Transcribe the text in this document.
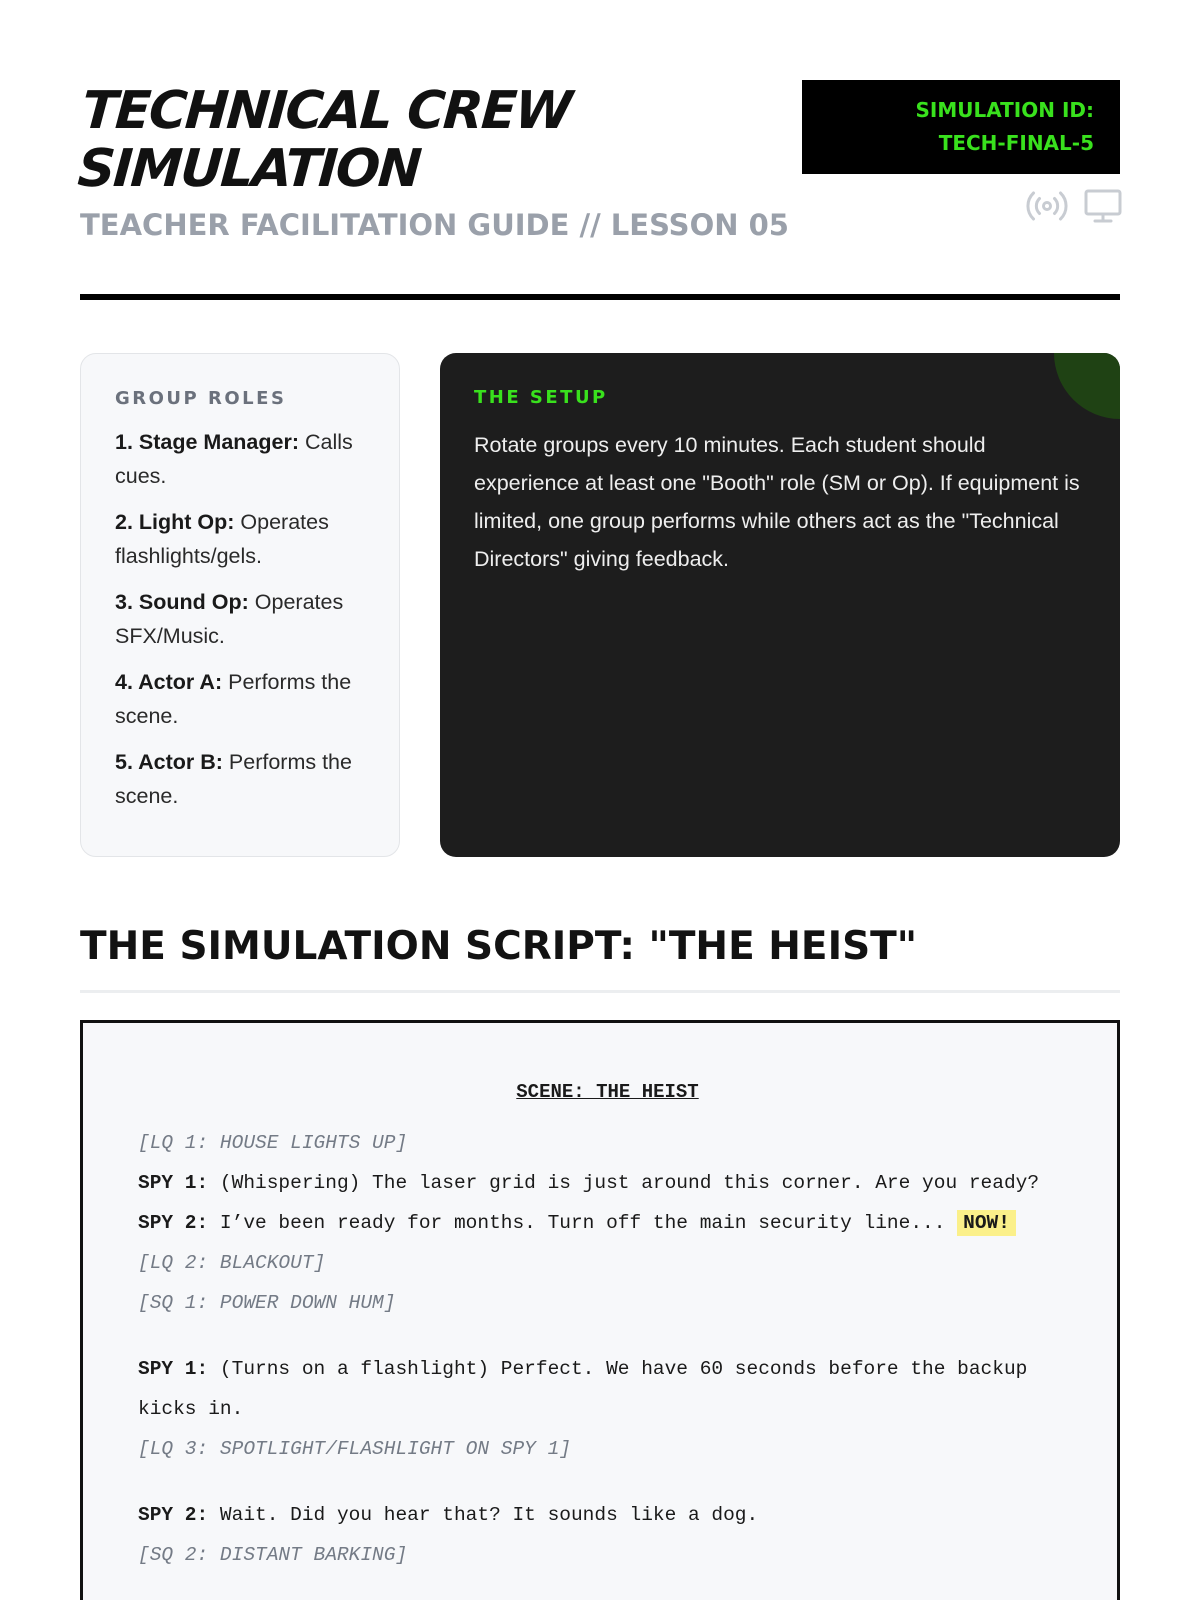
TECHNICAL CREW
SIMULATION
TEACHER FACILITATION GUIDE // LESSON 05
SIMULATION ID:
TECH-FINAL-5
GROUP ROLES
1. Stage Manager: Calls cues.
2. Light Op: Operates flashlights/gels.
3. Sound Op: Operates SFX/Music.
4. Actor A: Performs the scene.
5. Actor B: Performs the scene.
THE SETUP

Rotate groups every 10 minutes. Each student should experience at least one "Booth" role (SM or Op). If equipment is limited, one group performs while others act as the "Technical Directors" giving feedback.

THE SIMULATION SCRIPT: "THE HEIST"
SCENE: THE HEIST
[LQ 1: HOUSE LIGHTS UP]
SPY 1: (Whispering) The laser grid is just around this corner. Are you ready?
SPY 2: I’ve been ready for months. Turn off the main security line... NOW!
[LQ 2: BLACKOUT]
[SQ 1: POWER DOWN HUM]
SPY 1: (Turns on a flashlight) Perfect. We have 60 seconds before the backup kicks in.
[LQ 3: SPOTLIGHT/FLASHLIGHT ON SPY 1]
SPY 2: Wait. Did you hear that? It sounds like a dog.
[SQ 2: DISTANT BARKING]
